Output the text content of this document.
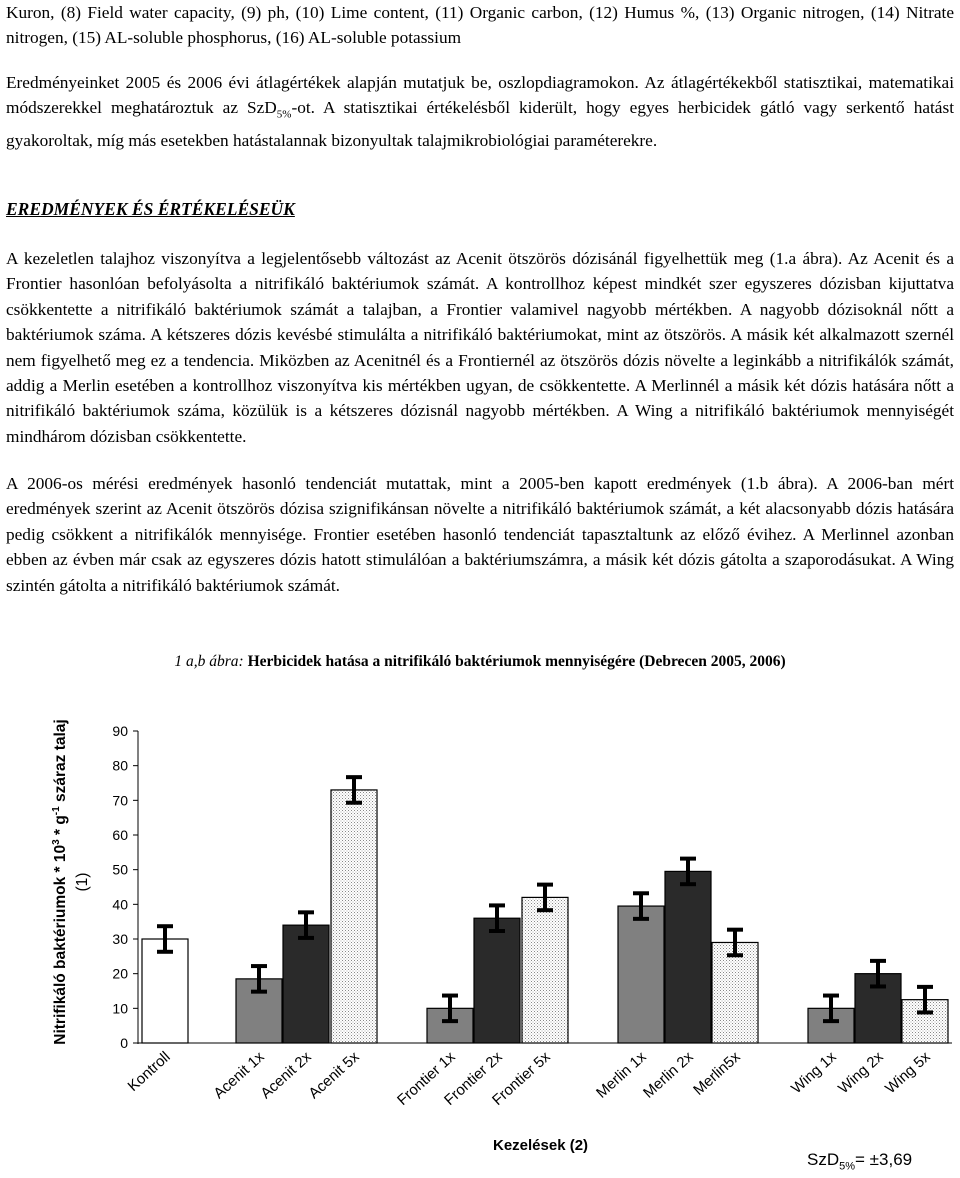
Kuron, (8) Field water capacity, (9) ph, (10) Lime content, (11) Organic carbon, (12) Humus %, (13) Organic nitrogen, (14) Nitrate nitrogen, (15) AL-soluble phosphorus, (16) AL-soluble potassium

Eredményeinket 2005 és 2006 évi átlagértékek alapján mutatjuk be, oszlopdiagramokon. Az átlagértékekből statisztikai, matematikai módszerekkel meghatároztuk az SzD$_{5\%}$-ot. A statisztikai értékelésből kiderült, hogy egyes herbicidek gátló vagy serkentő hatást gyakoroltak, míg más esetekben hatástalannak bizonyultak talajmikrobiológiai paraméterekre.

EREDMÉNYEK ÉS ÉRTÉKELÉSEÜK

A kezeletlen talajhoz viszonyítva a legjelentősebb változást az Acenit ötszörös dózisánál figyelhettük meg (1.a ábra). Az Acenit és a Frontier hasonlóan befolyásolta a nitrifikáló baktériumok számát. A kontrollhoz képest mindkét szer egyszeres dózisban kijuttatva csökkentette a nitrifikáló baktériumok számát a talajban, a Frontier valamivel nagyobb mértékben. A nagyobb dózisoknál nőtt a baktériumok száma. A kétszeres dózis kevésbé stimulálta a nitrifikáló baktériumokat, mint az ötszörös. A másik két alkalmazott szernél nem figyelhető meg ez a tendencia. Miközben az Acenitnél és a Frontiernél az ötszörös dózis növelte a leginkább a nitrifikálók számát, addig a Merlin esetében a kontrollhoz viszonyítva kis mértékben ugyan, de csökkentette. A Merlinnél a másik két dózis hatására nőtt a nitrifikáló baktériumok száma, közülük is a kétszeres dózisnál nagyobb mértékben. A Wing a nitrifikáló baktériumok mennyiségét mindhárom dózisban csökkentette.

A 2006-os mérési eredmények hasonló tendenciát mutattak, mint a 2005-ben kapott eredmények (1.b ábra). A 2006-ban mért eredmények szerint az Acenit ötszörös dózisa szignifikánsan növelte a nitrifikáló baktériumok számát, a két alacsonyabb dózis hatására pedig csökkent a nitrifikálók mennyisége. Frontier esetében hasonló tendenciát tapasztaltunk az előző évihez. A Merlinnel azonban ebben az évben már csak az egyszeres dózis hatott stimulálóan a baktériumszámra, a másik két dózis gátolta a szaporodásukat. A Wing szintén gátolta a nitrifikáló baktériumok számát.

1 a,b ábra: Herbicidek hatása a nitrifikáló baktériumok mennyiségére (Debrecen 2005, 2006)

0
10
20
30
40
50
60
70
80
90
Kontroll Acenit 1x
Acenit 2x
Acenit 5x Frontier 1x
Frontier 2x
Frontier 5x	Merlin 1x
Merlin 2x
Merlin5x	Wing 1x
Wing 2x
Wing 5x
Nitrifikáló baktériumok * $10^3 * g^{-1}$ száraz talaj
(1)
Kezelések (2)
SzD$_{5\%}$= ±3,69
